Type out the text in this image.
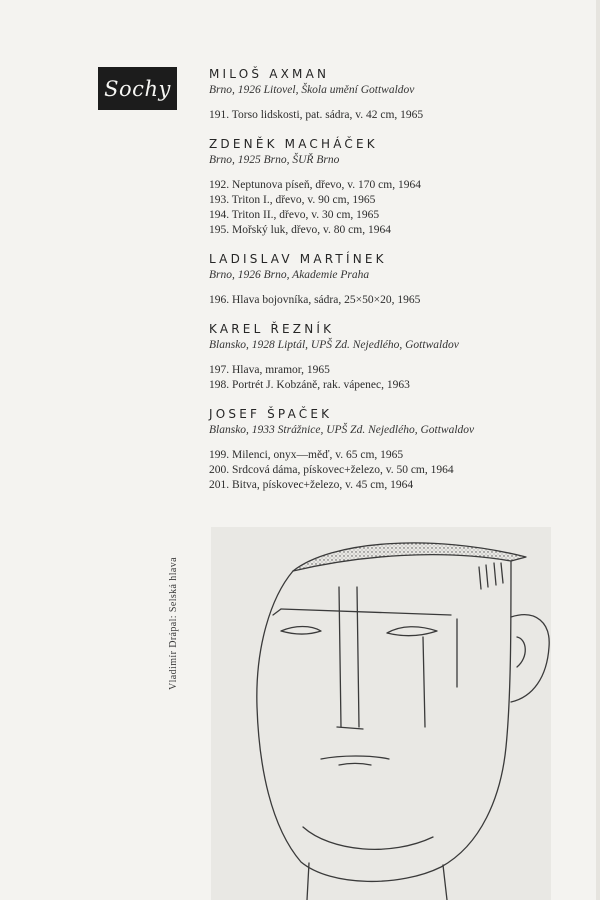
Sochy
MILOŠ AXMAN
Brno, 1926 Litovel, Škola umění Gottwaldov
191. Torso lidskosti, pat. sádra, v. 42 cm, 1965
ZDENĚK MACHÁČEK
Brno, 1925 Brno, ŠUŘ Brno
192. Neptunova píseň, dřevo, v. 170 cm, 1964
193. Triton I., dřevo, v. 90 cm, 1965
194. Triton II., dřevo, v. 30 cm, 1965
195. Mořský luk, dřevo, v. 80 cm, 1964
LADISLAV MARTÍNEK
Brno, 1926 Brno, Akademie Praha
196. Hlava bojovníka, sádra, 25×50×20, 1965
KAREL ŘEZNÍK
Blansko, 1928 Liptál, UPŠ Zd. Nejedlého, Gottwaldov
197. Hlava, mramor, 1965
198. Portrét J. Kobzáně, rak. vápenec, 1963
JOSEF ŠPAČEK
Blansko, 1933 Strážnice, UPŠ Zd. Nejedlého, Gottwaldov
199. Milenci, onyx—měď, v. 65 cm, 1965
200. Srdcová dáma, pískovec+železo, v. 50 cm, 1964
201. Bitva, pískovec+železo, v. 45 cm, 1964
Vladimír Drápal: Selská hlava
